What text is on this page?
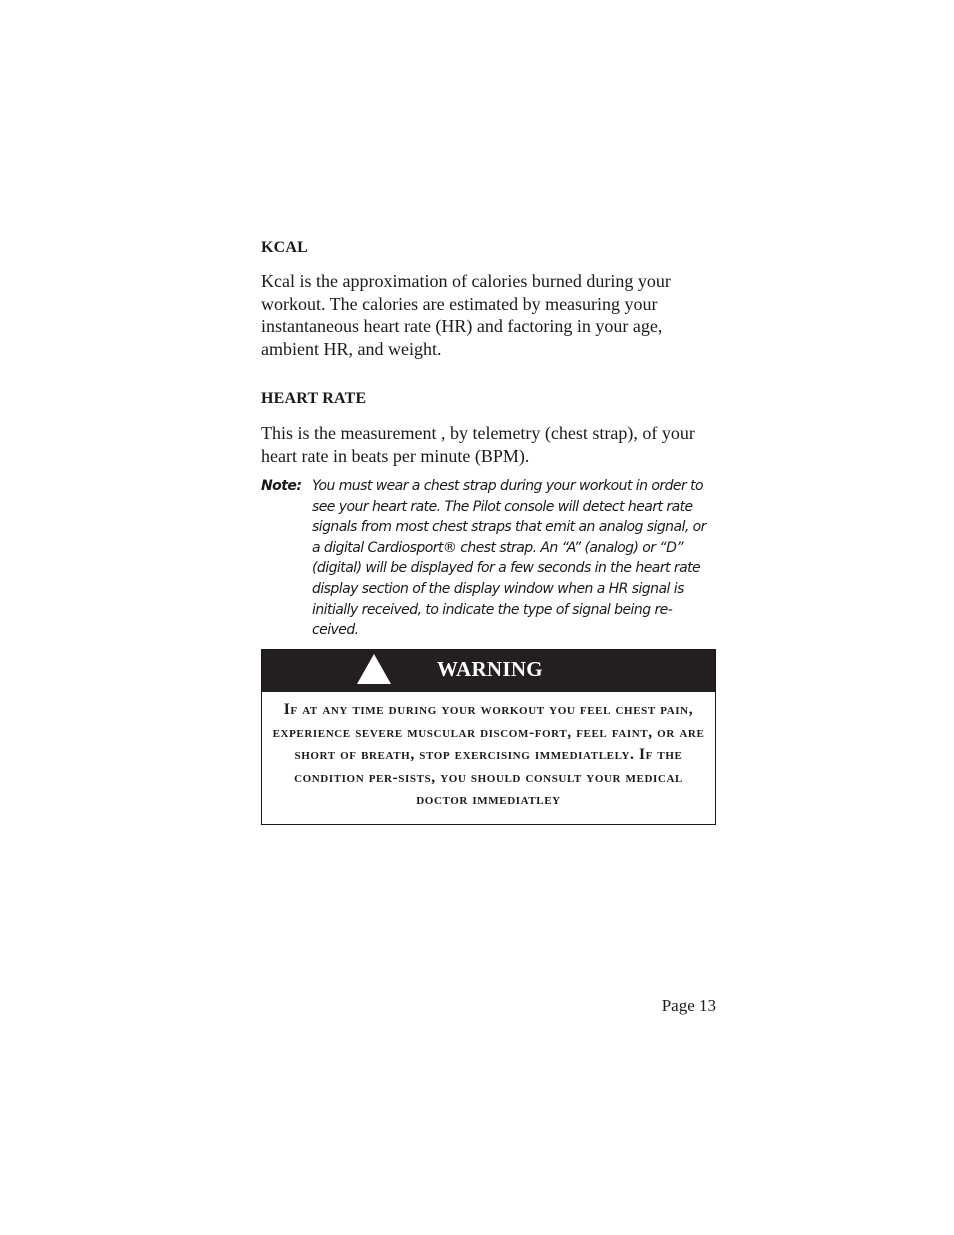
KCAL

Kcal is the approximation of calories burned during your workout. The calories are estimated by measuring your instantaneous heart rate (HR) and factoring in your age, ambient HR, and weight.

HEART RATE

This is the measurement , by telemetry (chest strap), of your heart rate in beats per minute (BPM).

Note: You must wear a chest strap during your workout in order to see your heart rate. The Pilot console will detect heart rate signals from most chest straps that emit an analog signal, or a digital Cardiosport® chest strap. An “A” (analog) or “D” (digital) will be displayed for a few seconds in the heart rate display section of the display window when a HR signal is initially received, to indicate the type of signal being re-ceived.
WARNING
If at any time during your workout you feel chest pain, experience severe muscular discom-fort, feel faint, or are short of breath, stop exercising immediatlely. If the condition per-sists, you should consult your medical doctor immediatley
Page 13
